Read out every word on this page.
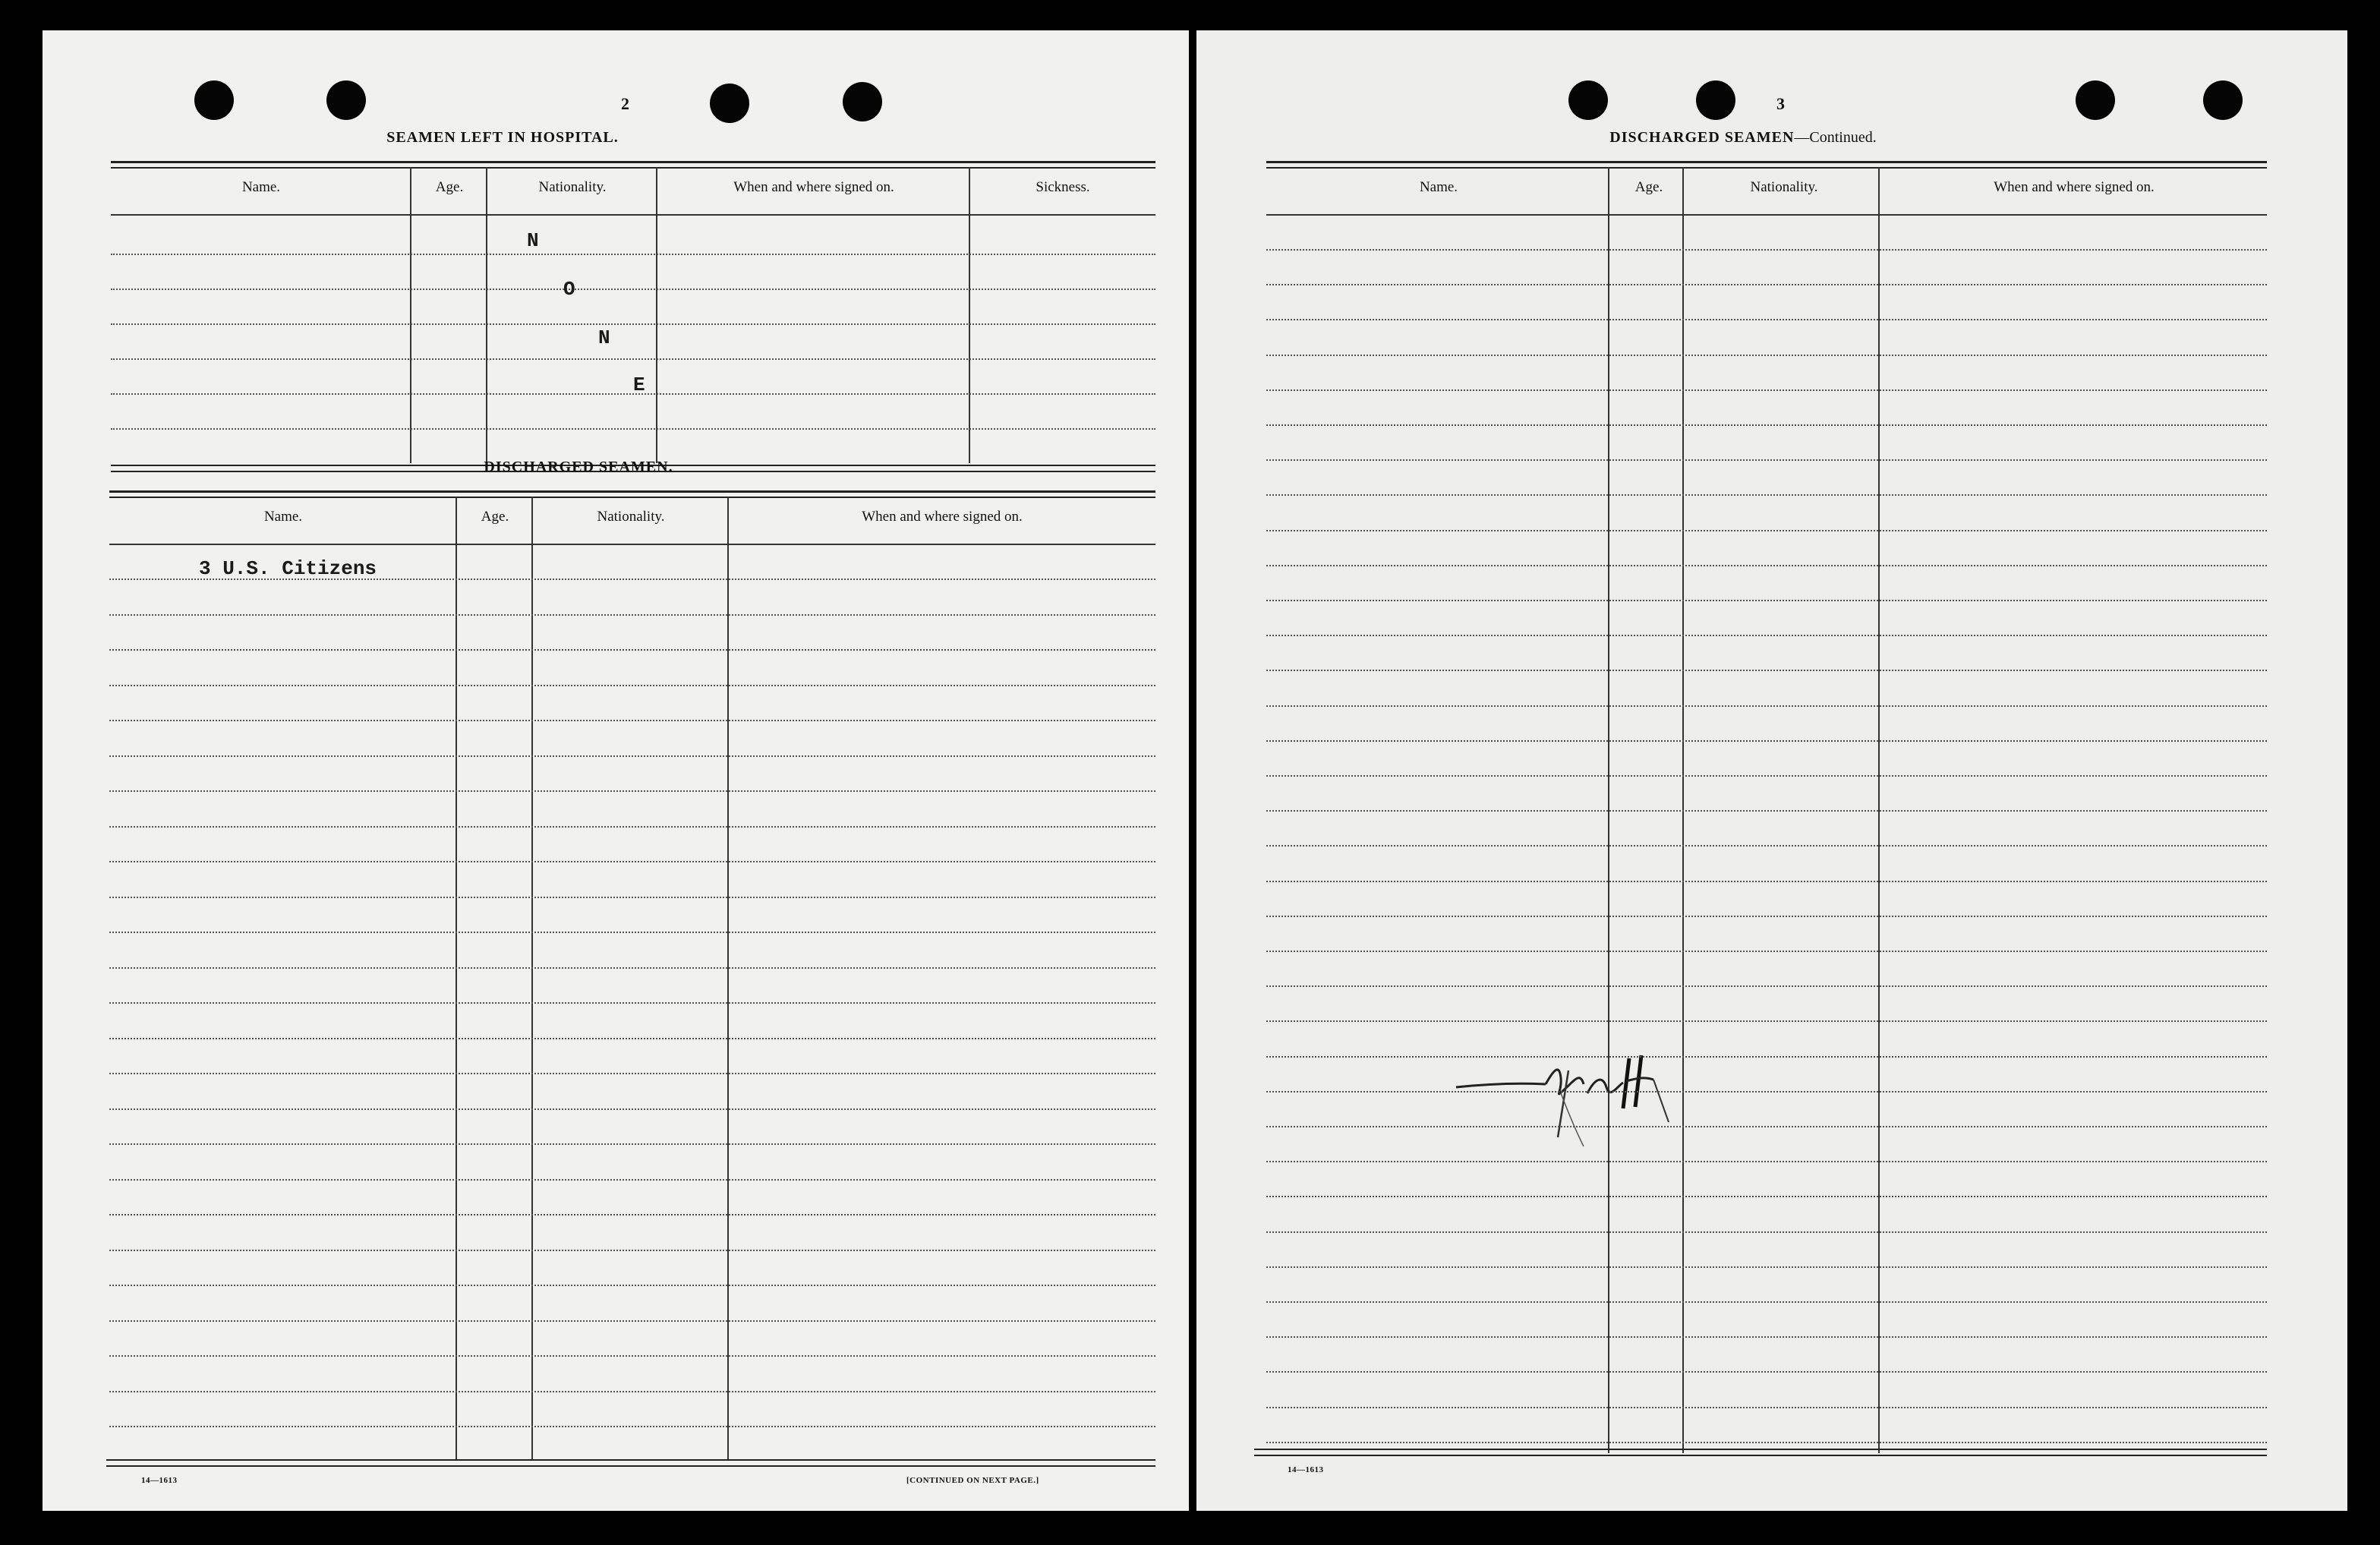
2
SEAMEN LEFT IN HOSPITAL.
Name.	Age.	Nationality.	When and where signed on.	Sickness.
N
O
N
E
DISCHARGED SEAMEN.
Name.	Age.	Nationality.	When and where signed on.
3 U.S. Citizens
14—1613	[CONTINUED ON NEXT PAGE.]
3
DISCHARGED SEAMEN—Continued.
Name.	Age.	Nationality.	When and where signed on.
14—1613
